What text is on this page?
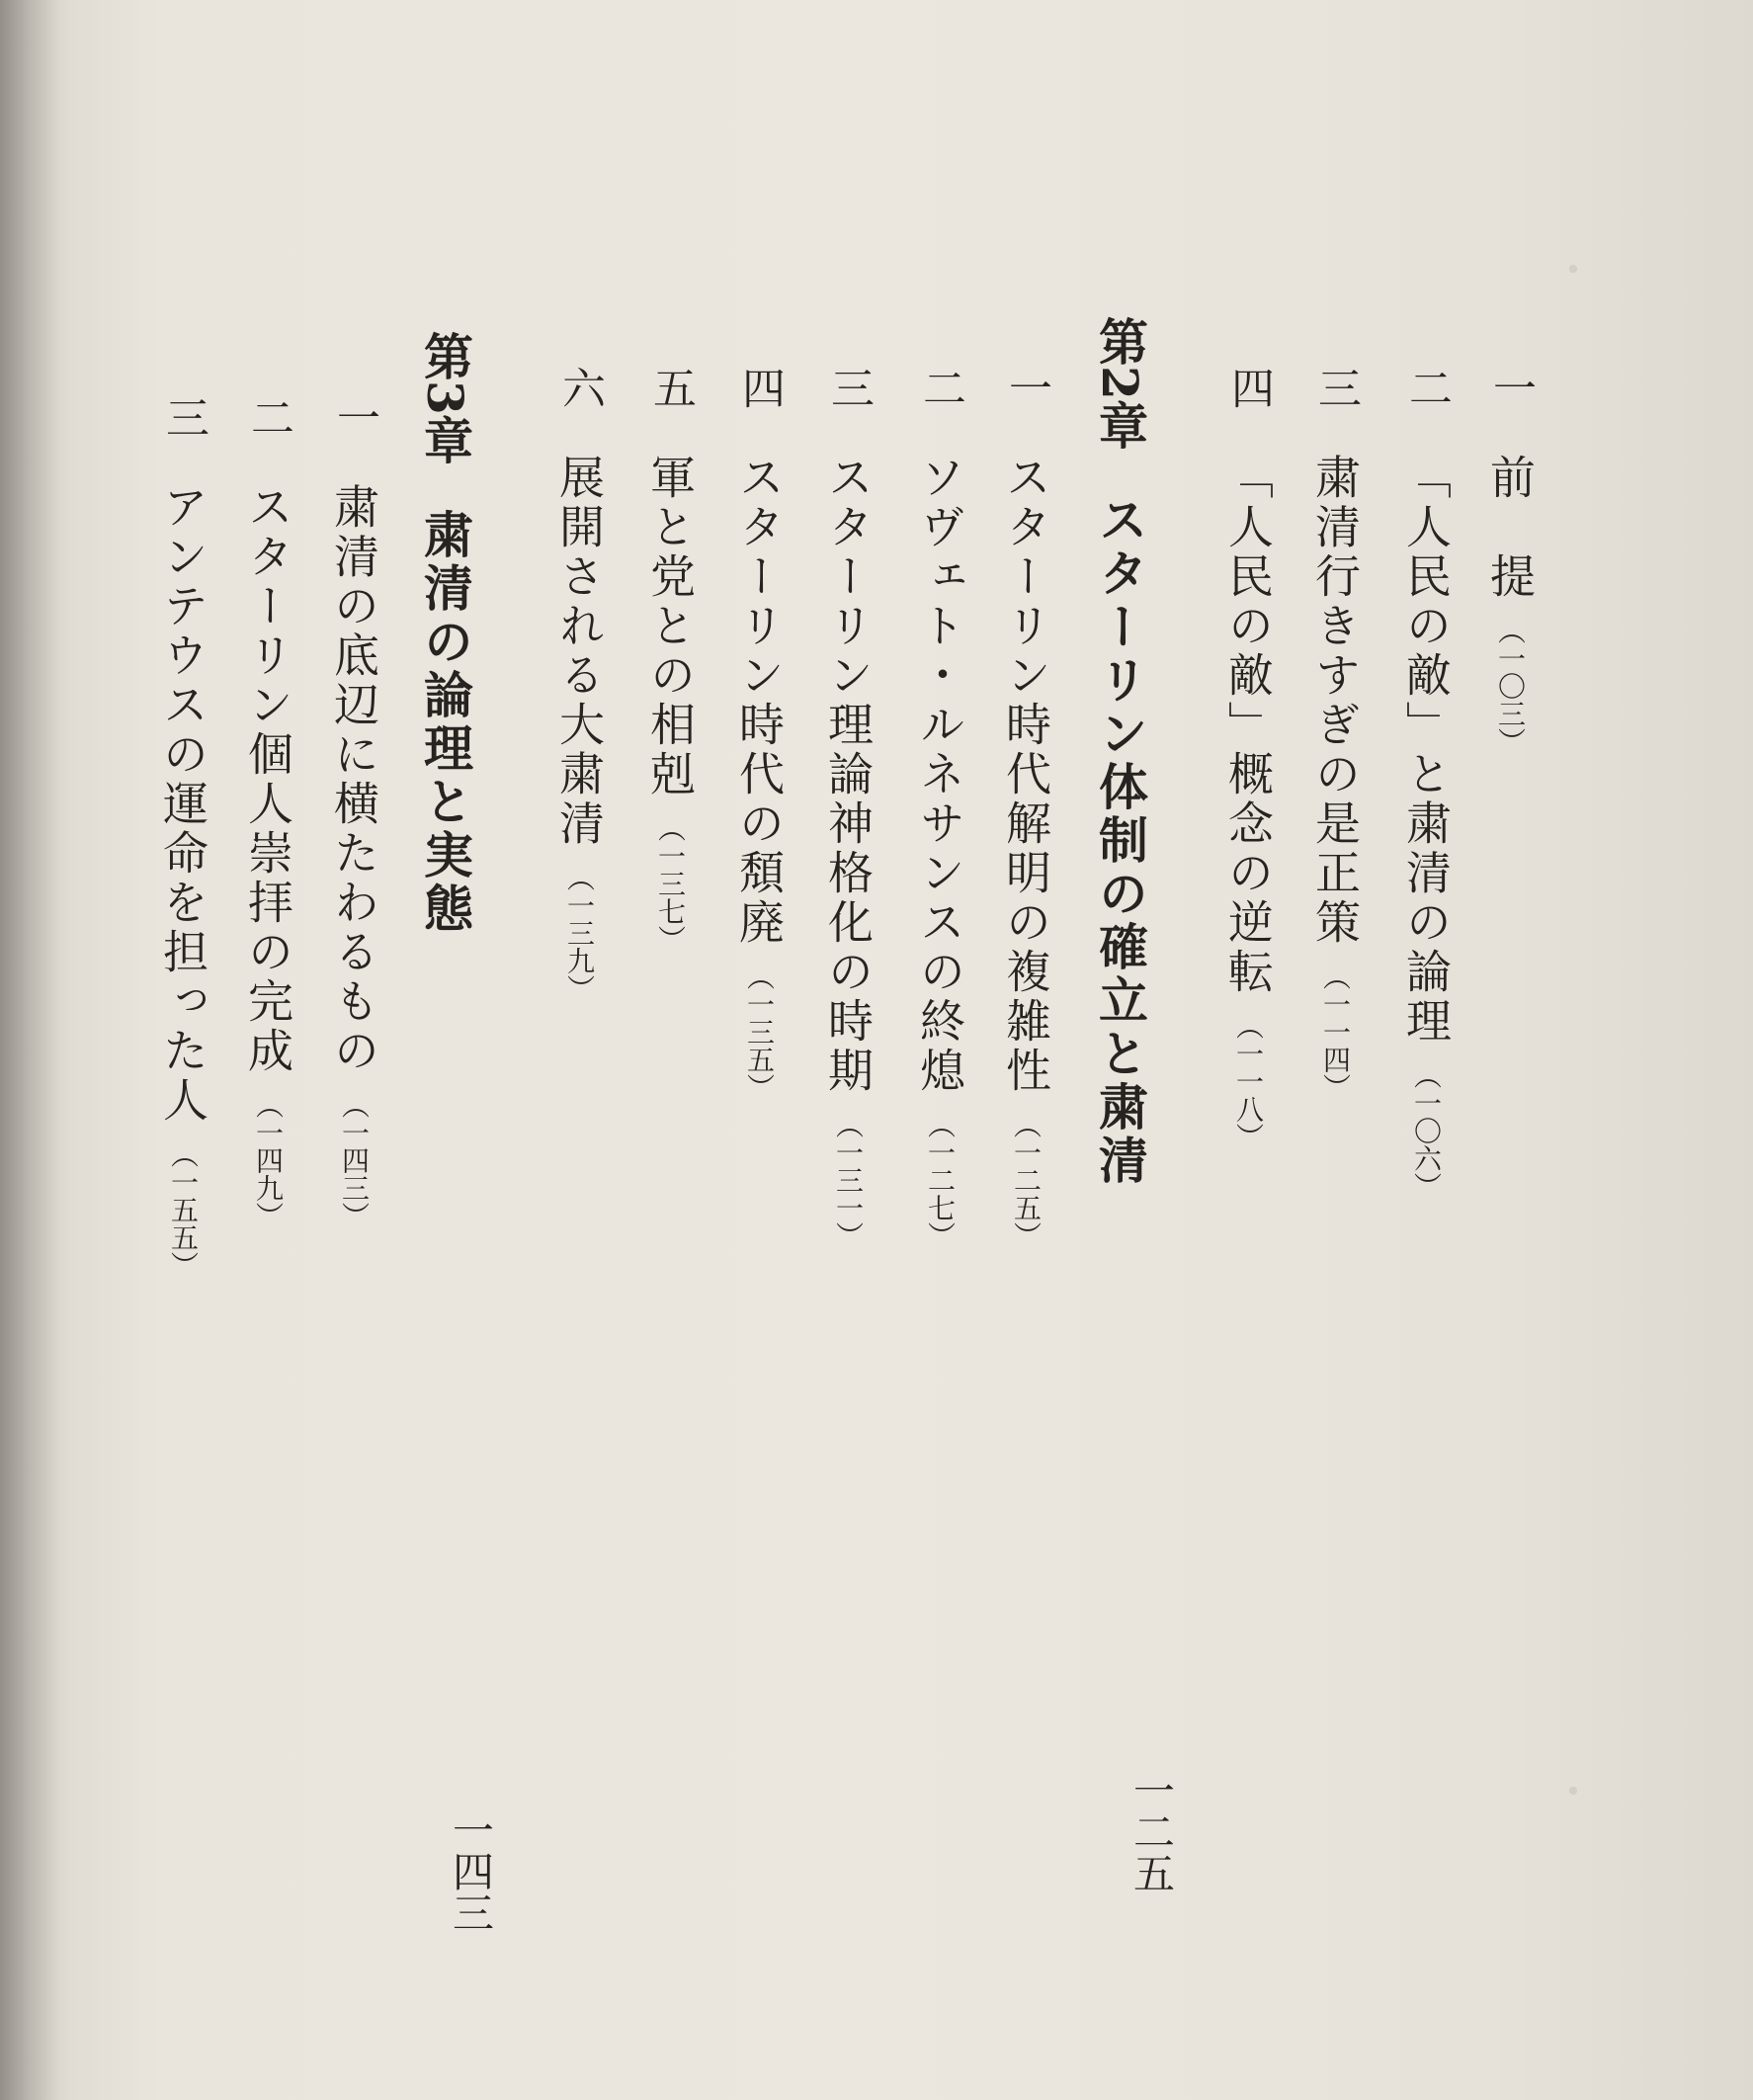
・
・
一 前　提 （一〇三）
二 「人民の敵」と粛清の論理 （一〇六）
三 粛清行きすぎの是正策 （一一四）
四 「人民の敵」概念の逆転 （一一八）
第2章 スターリン体制の確立と粛清
一 スターリン時代解明の複雑性 （一二五）
二 ソヴェト・ルネサンスの終熄 （一二七）
三 スターリン理論神格化の時期 （一三一）
四 スターリン時代の頽廃 （一三五）
五 軍と党との相剋 （一三七）
六 展開される大粛清 （一三九）
第3章 粛清の論理と実態
一 粛清の底辺に横たわるもの （一四三）
二 スターリン個人崇拝の完成 （一四九）
三 アンテウスの運命を担った人 （一五五）
一二五
一四三
